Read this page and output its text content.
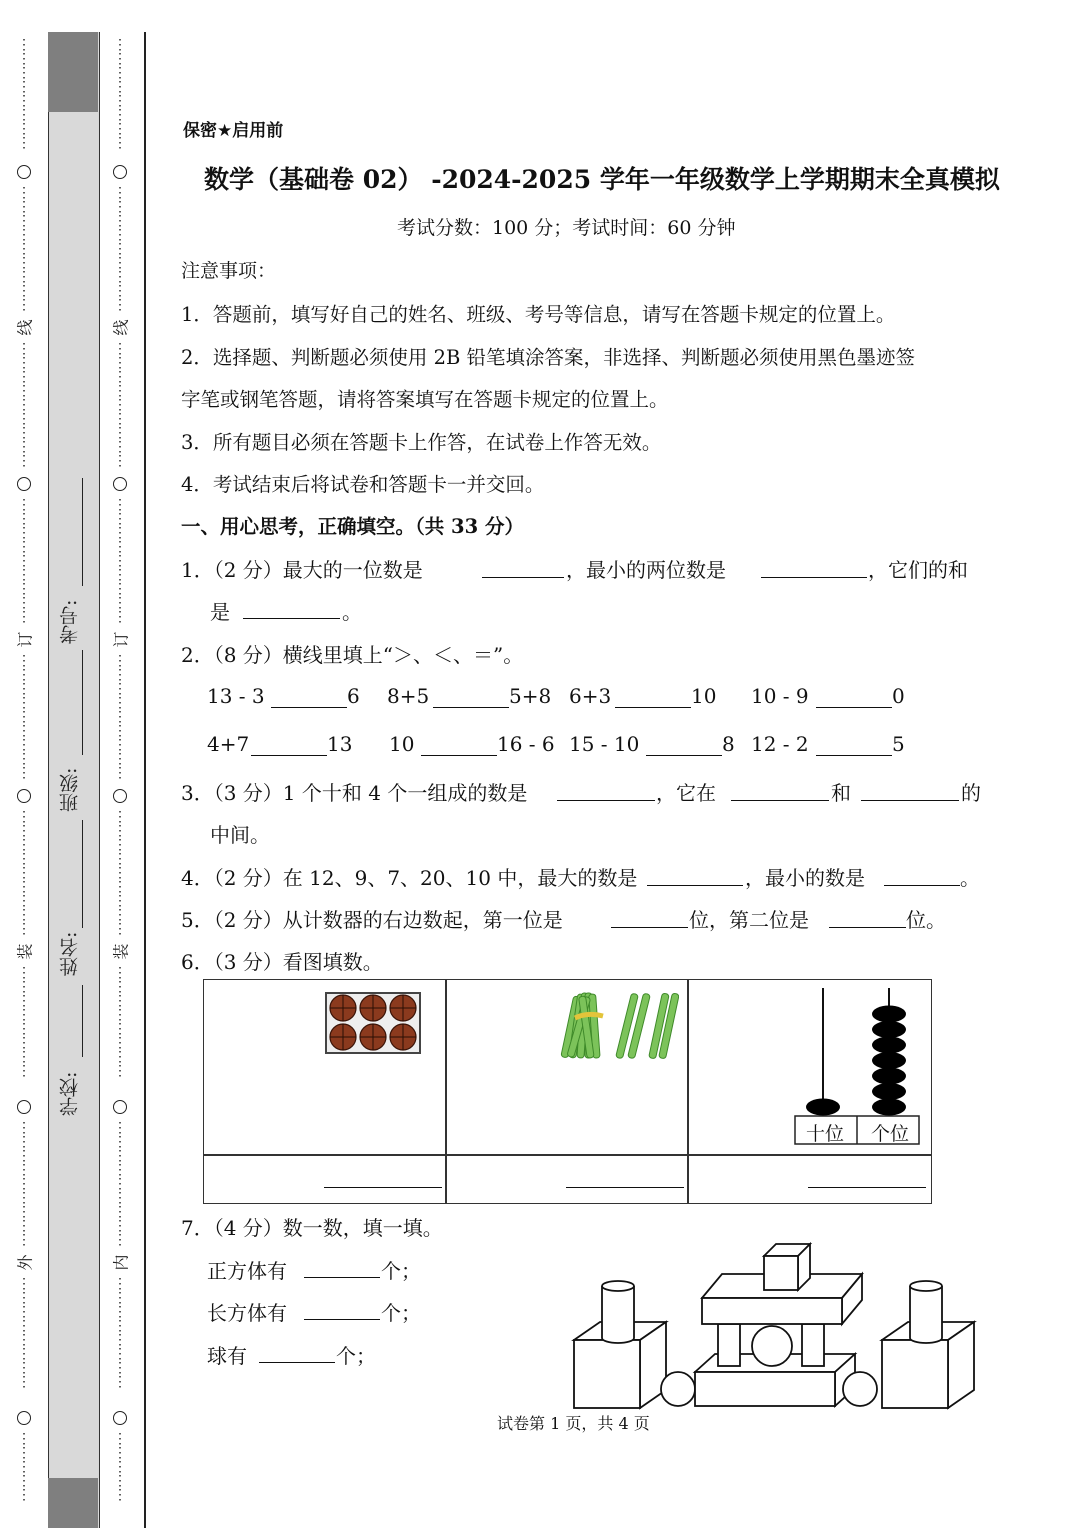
⋮
⋮
⋮
⋮
⋮
⋮
⋮
⋮

⋮
⋮
⋮
⋮
⋮
⋮
⋮
⋮
⋮

线
⋮
⋮
⋮
⋮
⋮
⋮
⋮
⋮
⋮

⋮
⋮
⋮
⋮
⋮
⋮
⋮
⋮
⋮

订
⋮
⋮
⋮
⋮
⋮
⋮
⋮
⋮
⋮

⋮
⋮
⋮
⋮
⋮
⋮
⋮
⋮
⋮

装
⋮
⋮
⋮
⋮
⋮
⋮
⋮
⋮

⋮
⋮
⋮
⋮
⋮
⋮
⋮
⋮
⋮

外
⋮
⋮
⋮
⋮
⋮
⋮
⋮
⋮

⋮
⋮
⋮
⋮
⋮

⋮
⋮
⋮
⋮
⋮
⋮
⋮
⋮

⋮
⋮
⋮
⋮
⋮
⋮
⋮
⋮
⋮

线
⋮
⋮
⋮
⋮
⋮
⋮
⋮
⋮
⋮

⋮
⋮
⋮
⋮
⋮
⋮
⋮
⋮
⋮

订
⋮
⋮
⋮
⋮
⋮
⋮
⋮
⋮
⋮

⋮
⋮
⋮
⋮
⋮
⋮
⋮
⋮
⋮

装
⋮
⋮
⋮
⋮
⋮
⋮
⋮
⋮

⋮
⋮
⋮
⋮
⋮
⋮
⋮
⋮
⋮

内
⋮
⋮
⋮
⋮
⋮
⋮
⋮
⋮

⋮
⋮
⋮
⋮
⋮

考号:
班级:
姓名:
学校:
保密★启用前
数学（基础卷 02） -2024-2025 学年一年级数学上学期期末全真模拟
考试分数：100 分；考试时间：60 分钟
注意事项：
1．答题前，填写好自己的姓名、班级、考号等信息，请写在答题卡规定的位置上。
2．选择题、判断题必须使用 2B 铅笔填涂答案，非选择、判断题必须使用黑色墨迹签
字笔或钢笔答题，请将答案填写在答题卡规定的位置上。
3．所有题目必须在答题卡上作答，在试卷上作答无效。
4．考试结束后将试卷和答题卡一并交回。
一、用心思考，正确填空。（共 33 分）
1．（2 分）最大的一位数是	，最小的两位数是	，它们的和
是	。
2．（8 分）横线里填上“＞、＜、＝”。
13 - 3	6 8+5	5+8 6+3	10 10 - 9	0
4+7	13 10	16 - 6 15 - 10	8 12 - 2	5
3．（3 分）1 个十和 4 个一组成的数是	，它在	和	的
中间。
4．（2 分）在 12、9、7、20、10 中，最大的数是	，最小的数是	。
5．（2 分）从计数器的右边数起，第一位是	位，第二位是	位。
6．（3 分）看图填数。
十位 个位
7．（4 分）数一数，填一填。
正方体有	个；
长方体有	个；
球有	个；
试卷第 1 页，共 4 页
